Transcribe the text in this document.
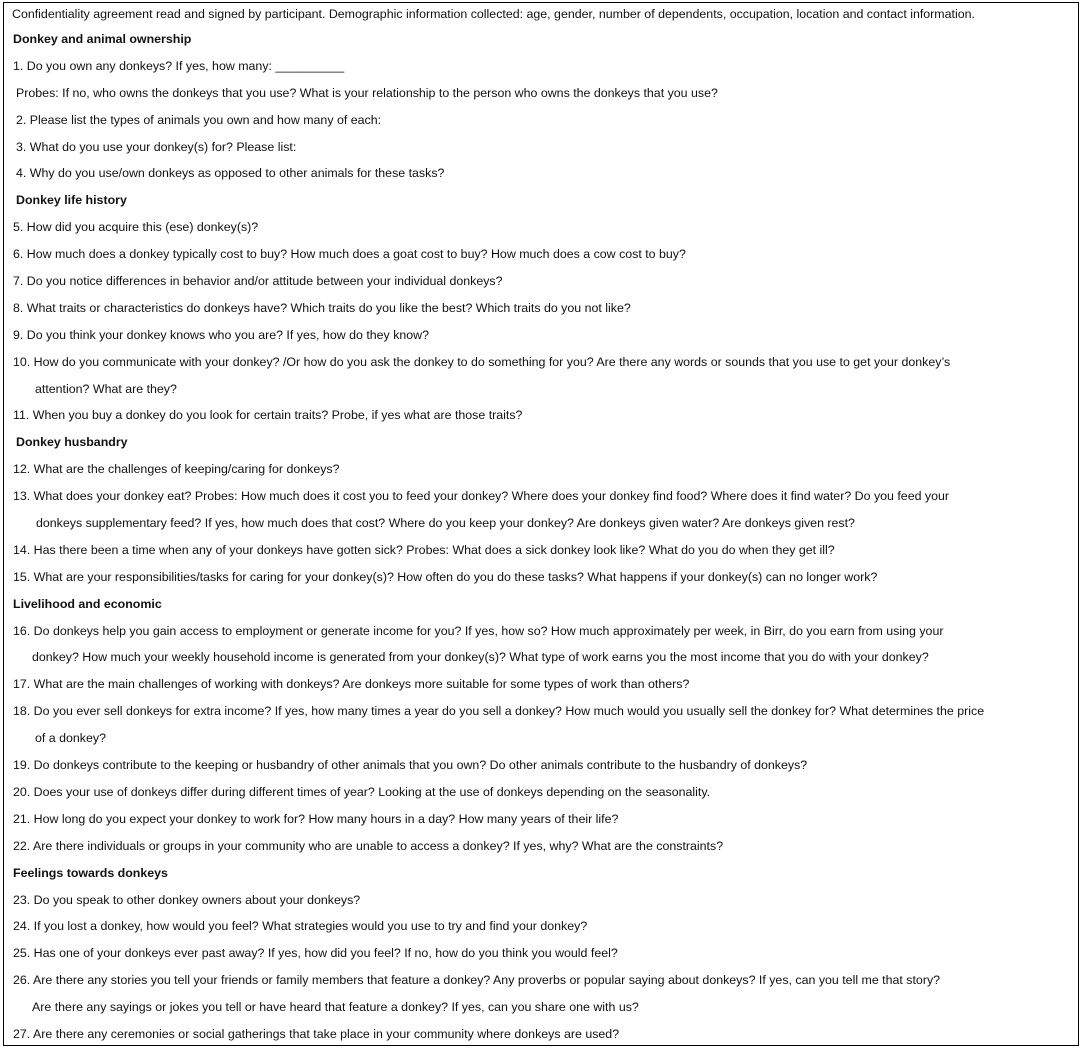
Confidentiality agreement read and signed by participant. Demographic information collected: age, gender, number of dependents, occupation, location and contact information.
Donkey and animal ownership
1. Do you own any donkeys? If yes, how many: __________
Probes: If no, who owns the donkeys that you use? What is your relationship to the person who owns the donkeys that you use?
2. Please list the types of animals you own and how many of each:
3. What do you use your donkey(s) for? Please list:
4. Why do you use/own donkeys as opposed to other animals for these tasks?
Donkey life history
5. How did you acquire this (ese) donkey(s)?
6. How much does a donkey typically cost to buy? How much does a goat cost to buy? How much does a cow cost to buy?
7. Do you notice differences in behavior and/or attitude between your individual donkeys?
8. What traits or characteristics do donkeys have? Which traits do you like the best? Which traits do you not like?
9. Do you think your donkey knows who you are? If yes, how do they know?
10. How do you communicate with your donkey? /Or how do you ask the donkey to do something for you? Are there any words or sounds that you use to get your donkey’s
attention? What are they?
11. When you buy a donkey do you look for certain traits? Probe, if yes what are those traits?
Donkey husbandry
12. What are the challenges of keeping/caring for donkeys?
13. What does your donkey eat? Probes: How much does it cost you to feed your donkey? Where does your donkey find food? Where does it find water? Do you feed your
donkeys supplementary feed? If yes, how much does that cost? Where do you keep your donkey? Are donkeys given water? Are donkeys given rest?
14. Has there been a time when any of your donkeys have gotten sick? Probes: What does a sick donkey look like? What do you do when they get ill?
15. What are your responsibilities/tasks for caring for your donkey(s)? How often do you do these tasks? What happens if your donkey(s) can no longer work?
Livelihood and economic
16. Do donkeys help you gain access to employment or generate income for you? If yes, how so? How much approximately per week, in Birr, do you earn from using your
donkey? How much your weekly household income is generated from your donkey(s)? What type of work earns you the most income that you do with your donkey?
17. What are the main challenges of working with donkeys? Are donkeys more suitable for some types of work than others?
18. Do you ever sell donkeys for extra income? If yes, how many times a year do you sell a donkey? How much would you usually sell the donkey for? What determines the price
of a donkey?
19. Do donkeys contribute to the keeping or husbandry of other animals that you own? Do other animals contribute to the husbandry of donkeys?
20. Does your use of donkeys differ during different times of year? Looking at the use of donkeys depending on the seasonality.
21. How long do you expect your donkey to work for? How many hours in a day? How many years of their life?
22. Are there individuals or groups in your community who are unable to access a donkey? If yes, why? What are the constraints?
Feelings towards donkeys
23. Do you speak to other donkey owners about your donkeys?
24. If you lost a donkey, how would you feel? What strategies would you use to try and find your donkey?
25. Has one of your donkeys ever past away? If yes, how did you feel? If no, how do you think you would feel?
26. Are there any stories you tell your friends or family members that feature a donkey? Any proverbs or popular saying about donkeys? If yes, can you tell me that story?
Are there any sayings or jokes you tell or have heard that feature a donkey? If yes, can you share one with us?
27. Are there any ceremonies or social gatherings that take place in your community where donkeys are used?
